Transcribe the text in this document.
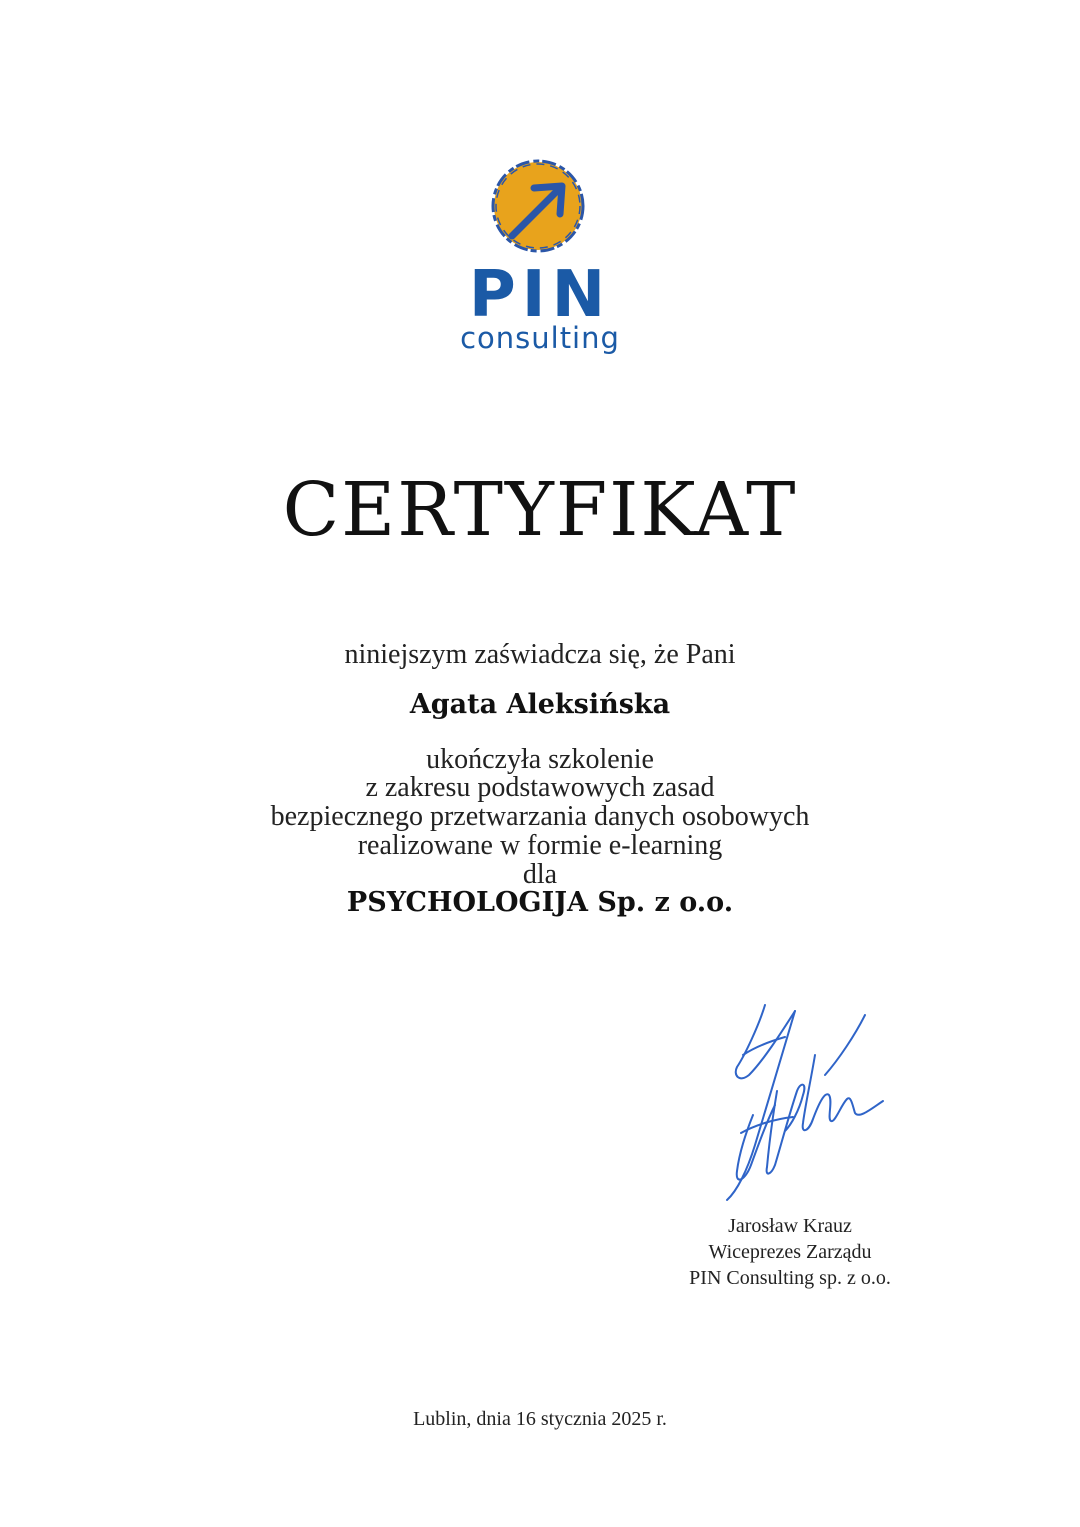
PIN
consulting
CERTYFIKAT
niniejszym zaświadcza się, że Pani
Agata Aleksińska
ukończyła szkolenie
z zakresu podstawowych zasad
bezpiecznego przetwarzania danych osobowych
realizowane w formie e-learning
dla
PSYCHOLOGIJA Sp. z o.o.
Jarosław Krauz
Wiceprezes Zarządu
PIN Consulting sp. z o.o.
Lublin, dnia 16 stycznia 2025 r.
